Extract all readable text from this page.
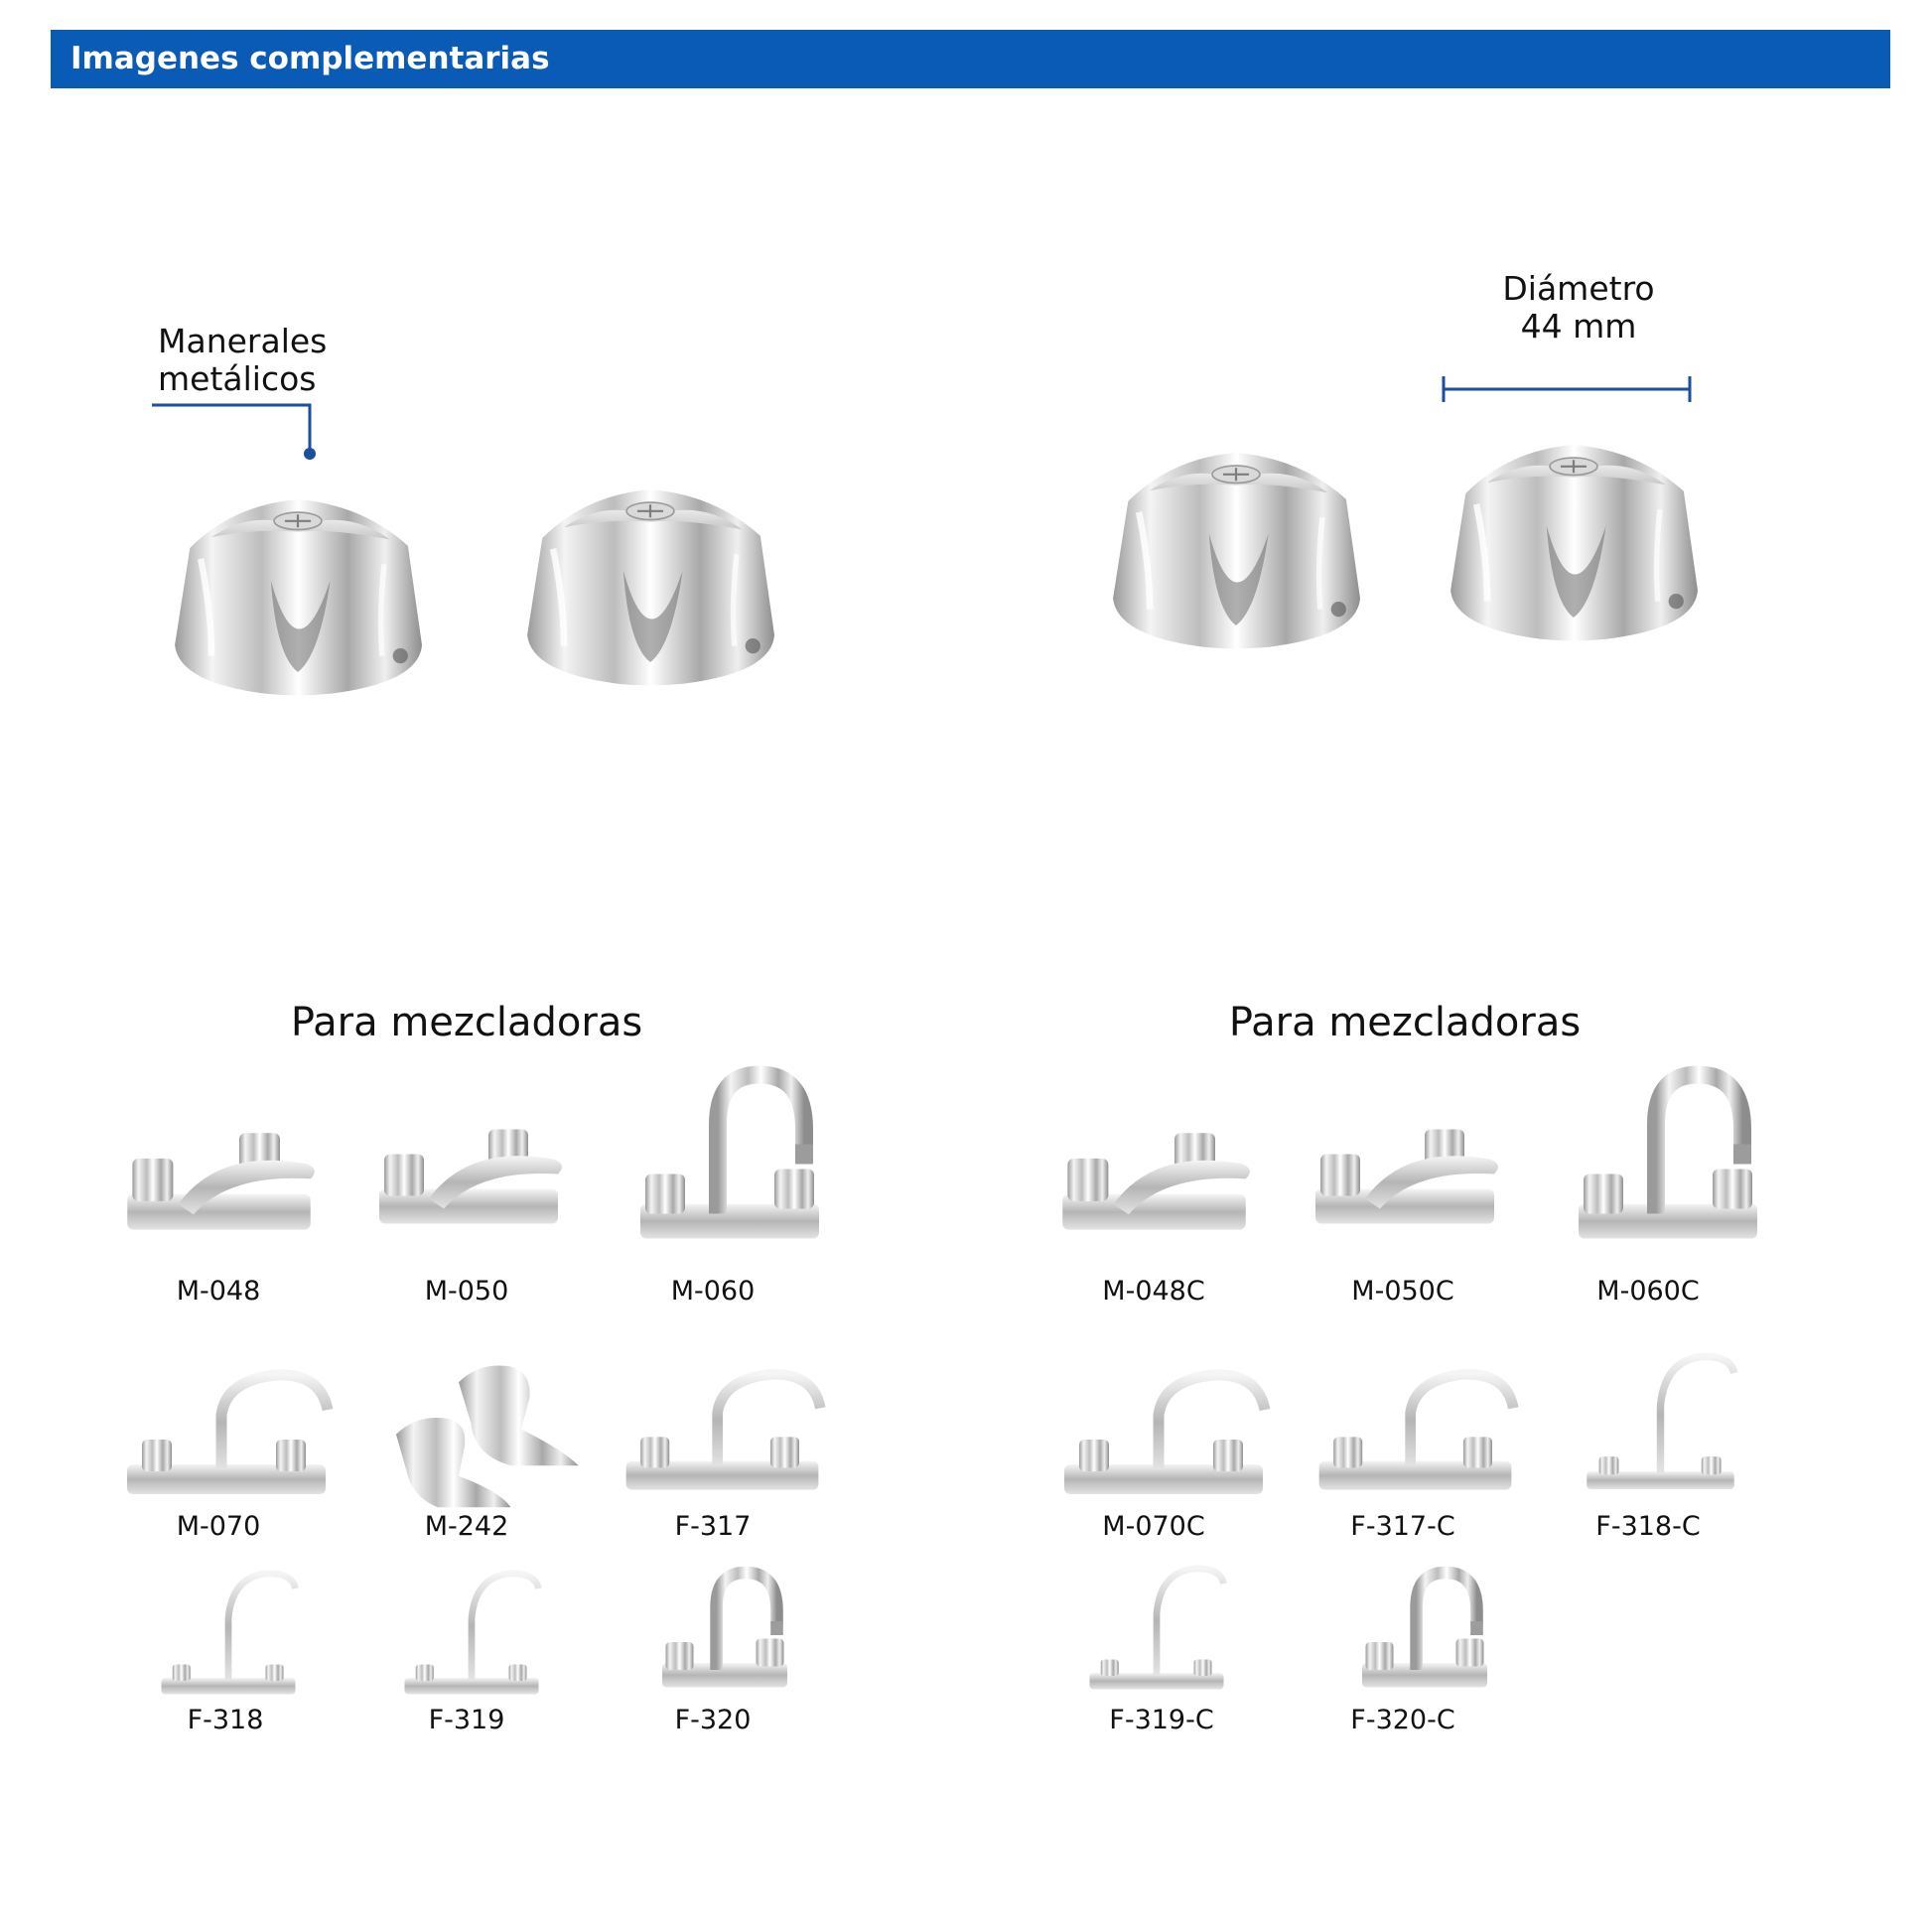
Imagenes complementarias
Manerales
metálicos
Diámetro
44 mm
Para mezcladoras	Para mezcladoras
M-048	M-050	M-060
M-070	M-242	F-317
F-318	F-319	F-320
M-048C	M-050C	M-060C
M-070C	F-317-C	F-318-C
F-319-C	F-320-C
